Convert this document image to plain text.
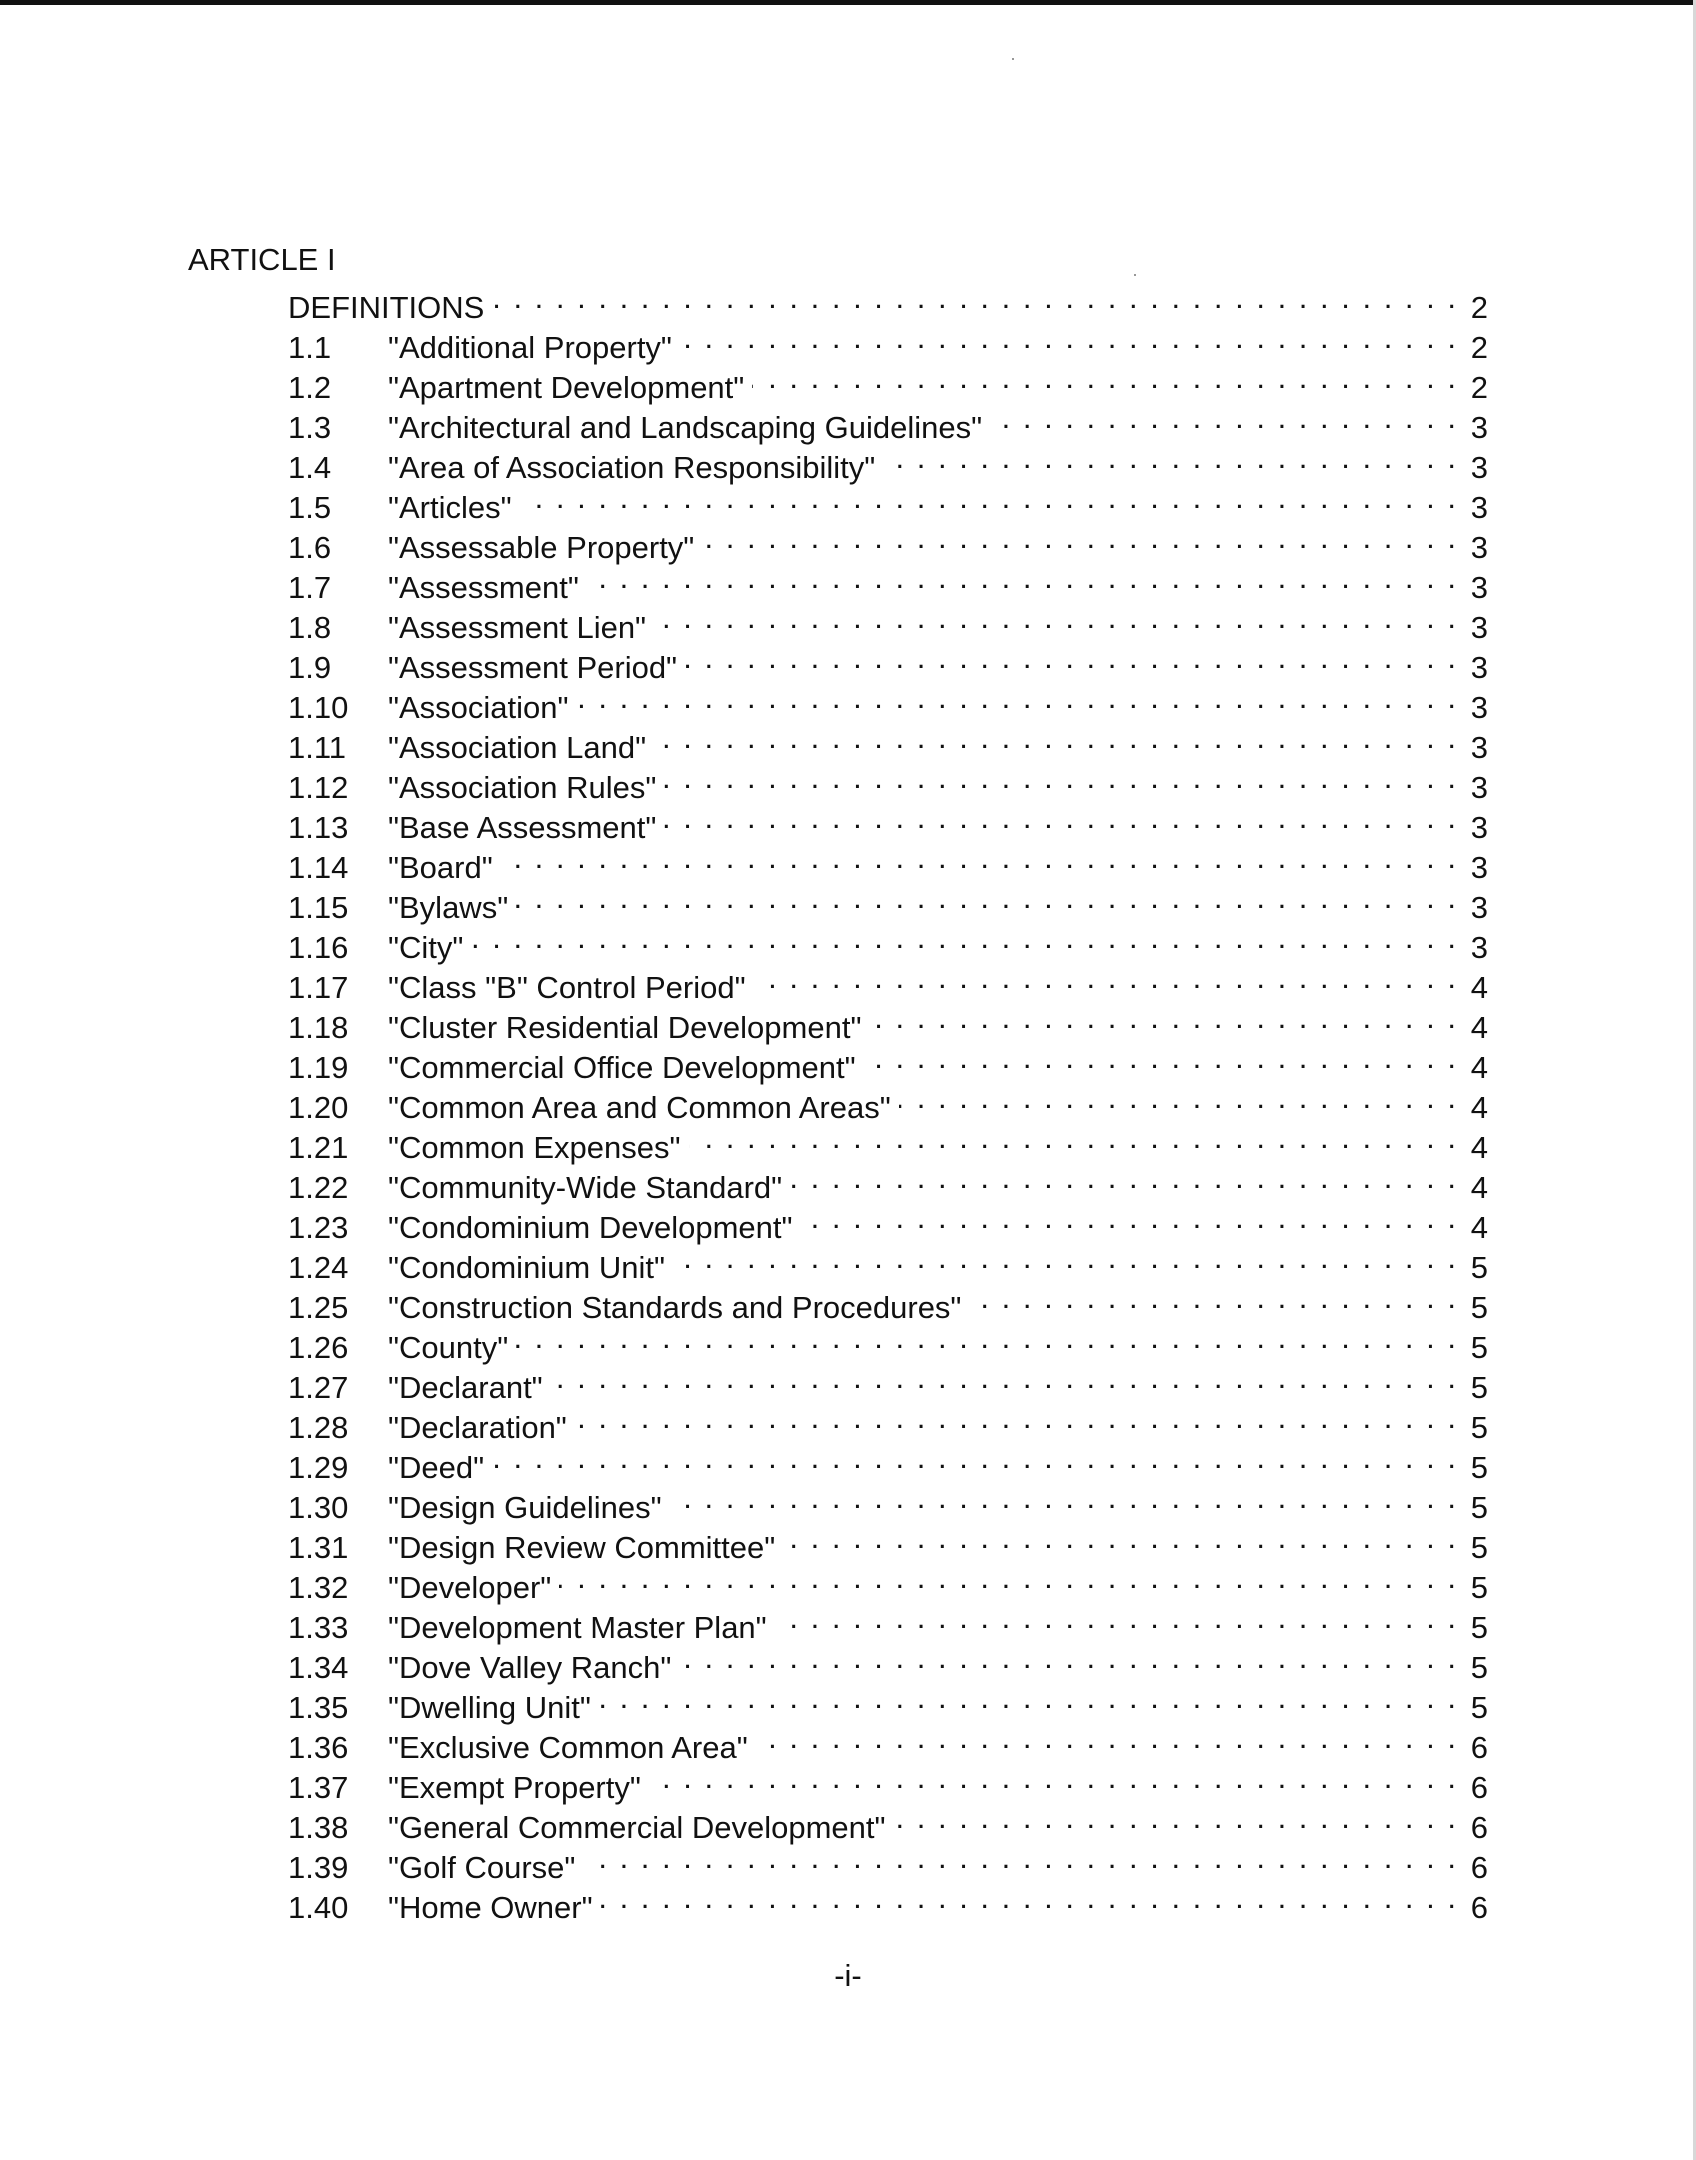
ARTICLE I
DEFINITIONS . . .	2
1.1	"Additional Property" . . .	2
1.2	"Apartment Development" . . .	2
1.3	"Architectural and Landscaping Guidelines" . . .	3
1.4	"Area of Association Responsibility" . . .	3
1.5	"Articles" . . .	3
1.6	"Assessable Property" . . .	3
1.7	"Assessment" . . .	3
1.8	"Assessment Lien" . . .	3
1.9	"Assessment Period" . . .	3
1.10	"Association" . . .	3
1.11	"Association Land" . . .	3
1.12	"Association Rules" . . .	3
1.13	"Base Assessment" . . .	3
1.14	"Board" . . .	3
1.15	"Bylaws" . . .	3
1.16	"City" . . .	3
1.17	"Class "B" Control Period" . . .	4
1.18	"Cluster Residential Development" . . .	4
1.19	"Commercial Office Development" . . .	4
1.20	"Common Area and Common Areas" . . .	4
1.21	"Common Expenses" . . .	4
1.22	"Community-Wide Standard" . . .	4
1.23	"Condominium Development" . . .	4
1.24	"Condominium Unit" . . .	5
1.25	"Construction Standards and Procedures" . . .	5
1.26	"County" . . .	5
1.27	"Declarant" . . .	5
1.28	"Declaration" . . .	5
1.29	"Deed" . . .	5
1.30	"Design Guidelines" . . .	5
1.31	"Design Review Committee" . . .	5
1.32	"Developer" . . .	5
1.33	"Development Master Plan" . . .	5
1.34	"Dove Valley Ranch" . . .	5
1.35	"Dwelling Unit" . . .	5
1.36	"Exclusive Common Area" . . .	6
1.37	"Exempt Property" . . .	6
1.38	"General Commercial Development" . . .	6
1.39	"Golf Course" . . .	6
1.40	"Home Owner" . . .	6
-i-
